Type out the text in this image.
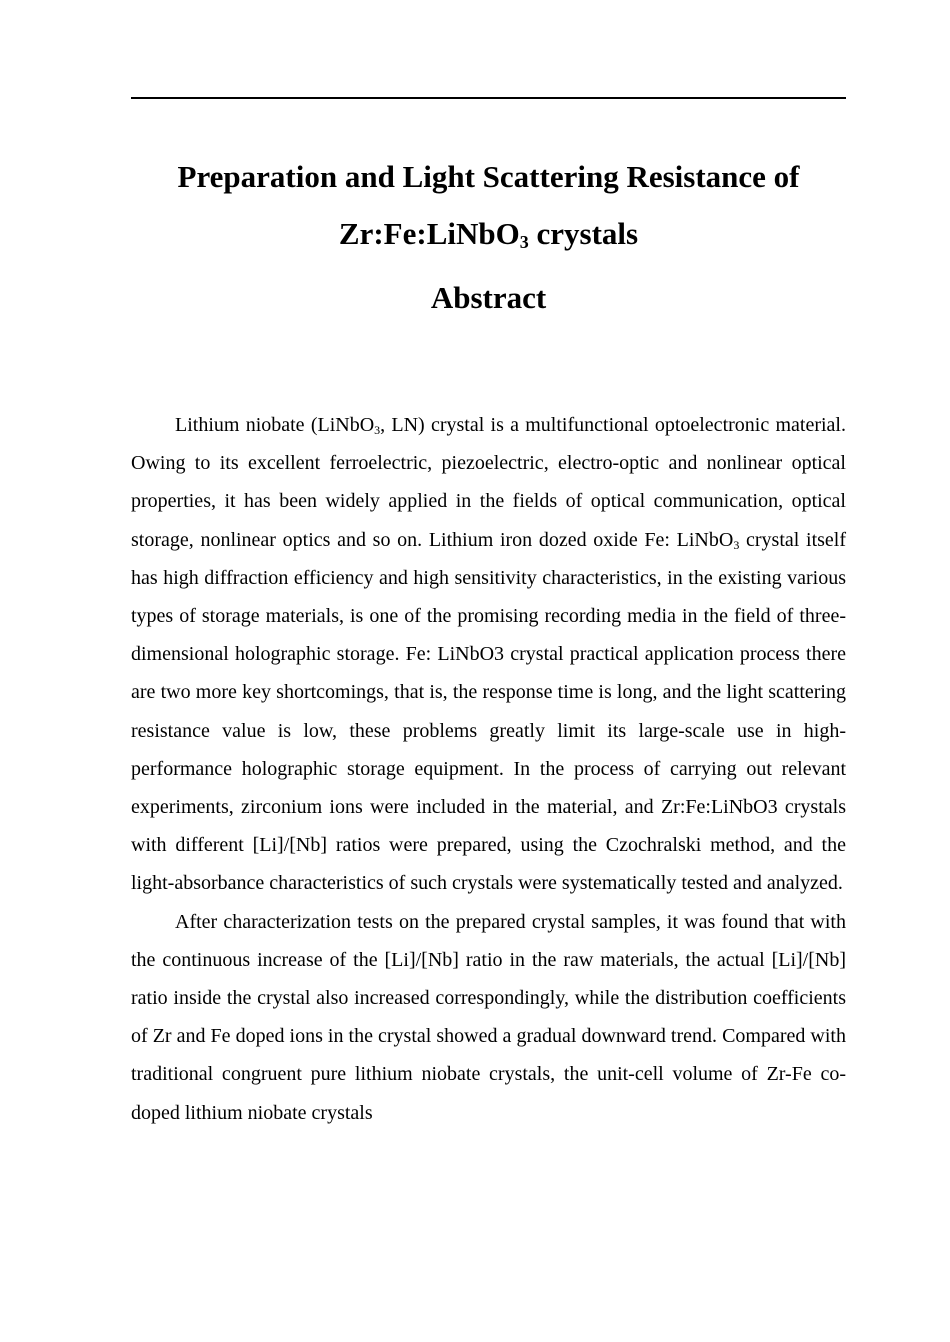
Preparation and Light Scattering Resistance of
Zr:Fe:LiNbO$_3$ crystals
Abstract

Lithium niobate (LiNbO$_3$, LN) crystal is a multifunctional optoelectronic material. Owing to its excellent ferroelectric, piezoelectric, electro-optic and nonlinear optical properties, it has been widely applied in the fields of optical communication, optical storage, nonlinear optics and so on. Lithium iron dozed oxide Fe: LiNbO$_3$ crystal itself has high diffraction efficiency and high sensitivity characteristics, in the existing various types of storage materials, is one of the promising recording media in the field of three-dimensional holographic storage. Fe: LiNbO3 crystal practical application process there are two more key shortcomings, that is, the response time is long, and the light scattering resistance value is low, these problems greatly limit its large-scale use in high-performance holographic storage equipment. In the process of carrying out relevant experiments, zirconium ions were included in the material, and Zr:Fe:LiNbO3 crystals with different [Li]/[Nb] ratios were prepared, using the Czochralski method, and the light-absorbance characteristics of such crystals were systematically tested and analyzed.

After characterization tests on the prepared crystal samples, it was found that with the continuous increase of the [Li]/[Nb] ratio in the raw materials, the actual [Li]/[Nb] ratio inside the crystal also increased correspondingly, while the distribution coefficients of Zr and Fe doped ions in the crystal showed a gradual downward trend. Compared with traditional congruent pure lithium niobate crystals, the unit-cell volume of Zr-Fe co-doped lithium niobate crystals
